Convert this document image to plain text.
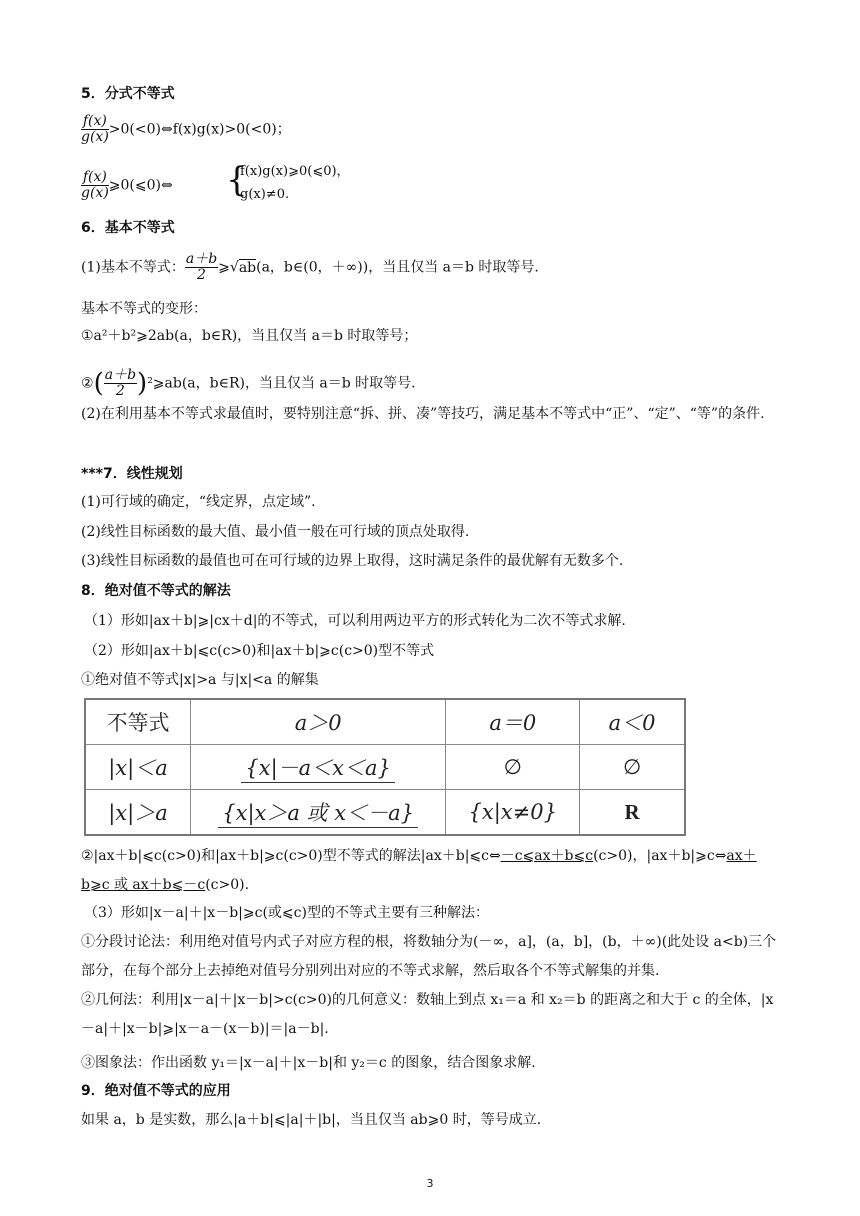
5．分式不等式
$\frac{f(x)}{g(x)}$ >0(<0)⇔f(x)g(x)>0(<0)；
$\frac{f(x)}{g(x)}$ ⩾0(⩽0)⇔ {
f(x)g(x)⩾0(⩽0)，
g(x)≠0.
6．基本不等式
(1)基本不等式： $\frac{a+b}{2}$ ⩾√ab(a，b∈(0，＋∞))，当且仅当 a＝b 时取等号.
基本不等式的变形：
①a²＋b²⩾2ab(a，b∈R)，当且仅当 a＝b 时取等号；
②( $\frac{a+b}{2}$ )²⩾ab(a，b∈R)，当且仅当 a＝b 时取等号.
(2)在利用基本不等式求最值时，要特别注意“拆、拼、凑”等技巧，满足基本不等式中“正”、“定”、“等”的条件.
***7．线性规划
(1)可行域的确定，“线定界，点定域”.
(2)线性目标函数的最大值、最小值一般在可行域的顶点处取得.
(3)线性目标函数的最值也可在可行域的边界上取得，这时满足条件的最优解有无数多个.
8．绝对值不等式的解法
（1）形如|ax＋b|⩾|cx＋d|的不等式，可以利用两边平方的形式转化为二次不等式求解.
（2）形如|ax＋b|⩽c(c>0)和|ax＋b|⩾c(c>0)型不等式
①绝对值不等式|x|>a 与|x|<a 的解集
不等式	a＞0	a＝0	a＜0
|x|＜a	{x|－a＜x＜a}	∅	∅
|x|＞a	{x|x＞a 或 x＜－a}	{x|x≠0}	R
②|ax＋b|⩽c(c>0)和|ax＋b|⩾c(c>0)型不等式的解法|ax＋b|⩽c⇔－c⩽ax＋b⩽c(c>0)，|ax＋b|⩾c⇔ax＋b⩾c 或 ax＋b⩽－c(c>0).
（3）形如|x－a|＋|x－b|⩾c(或⩽c)型的不等式主要有三种解法：
①分段讨论法：利用绝对值号内式子对应方程的根，将数轴分为(－∞，a]，(a，b]，(b，＋∞)(此处设 a<b)三个部分，在每个部分上去掉绝对值号分别列出对应的不等式求解，然后取各个不等式解集的并集.
②几何法：利用|x－a|＋|x－b|>c(c>0)的几何意义：数轴上到点 x₁＝a 和 x₂＝b 的距离之和大于 c 的全体，|x－a|＋|x－b|⩾|x－a－(x－b)|＝|a－b|.
③图象法：作出函数 y₁＝|x－a|＋|x－b|和 y₂＝c 的图象，结合图象求解.
9．绝对值不等式的应用
如果 a，b 是实数，那么|a＋b|⩽|a|＋|b|，当且仅当 ab⩾0 时，等号成立.
3
